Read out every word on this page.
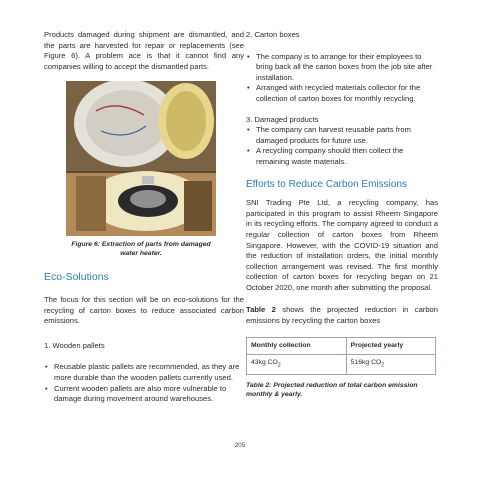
Products damaged during shipment are dismantled, and the parts are harvested for repair or replacements (see Figure 6). A problem ace is that it cannot find any companies willing to accept the dismantled parts.

Figure 6: Extraction of parts from damaged water heater.

Eco-Solutions

The focus for this section will be on eco-solutions for the recycling of carton boxes to reduce associated carbon emissions.

1. Wooden pallets

• Reusable plastic pallets are recommended, as they are more durable than the wooden pallets currently used.
• Current wooden pallets are also more vulnerable to damage during movement around warehouses.

2. Carton boxes

• The company is to arrange for their employees to bring back all the carton boxes from the job site after installation.
• Arranged with recycled materials collector for the collection of carton boxes for monthly recycling.

3. Damaged products

• The company can harvest reusable parts from damaged products for future use.
• A recycling company should then collect the remaining waste materials.
Efforts to Reduce Carbon Emissions

SNI Trading Pte Ltd, a recycling company, has participated in this program to assist Rheem Singapore in its recycling efforts. The company agreed to conduct a regular collection of carton boxes from Rheem Singapore. However, with the COVID-19 situation and the reduction of installation orders, the initial monthly collection arrangement was revised. The first monthly collection of carton boxes for recycling began on 21 October 2020, one month after submitting the proposal.

Table 2 shows the projected reduction in carbon emissions by recycling the carton boxes

Monthly collection	Projected yearly
43kg $CO_2$	516kg $CO_2$

Table 2: Projected reduction of total carbon emission monthly & yearly.

205
